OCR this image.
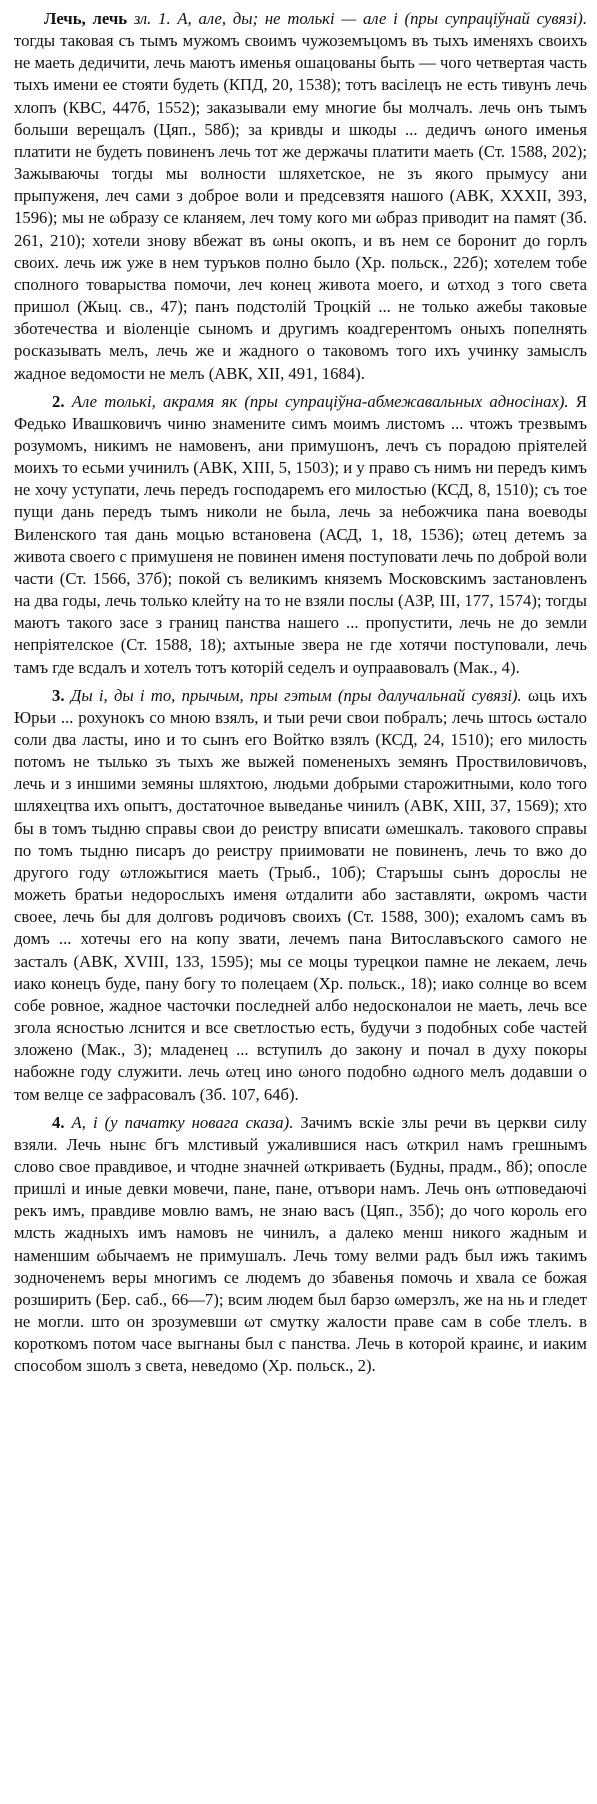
Лечь, лечь зл. 1. А, але, ды; не толькі — але і (пры супраціўнай сувязі). тогды таковая съ тымъ мужомъ своимъ чужоземъцомъ въ тыхъ именяхъ своихъ не маеть дедичити, лечь маютъ именья ошацованы быть — чого четвертая часть тыхъ имени ее стояти будеть (КПД, 20, 1538); тотъ васілецъ не есть тивунъ лечь хлопъ (КВС, 447б, 1552); заказывали ему многие бы молчалъ. лечь онъ тымъ больши верещалъ (Цяп., 58б); за кривды и шкоды ... дедичъ ωного именья платити не будеть повиненъ лечь тот же держачы платити маеть (Ст. 1588, 202); Зажываючы тогды мы волности шляхетское, не зъ якого прымусу ани прыпуженя, леч сами з доброе воли и предсевзятя нашого (АВК, XXXII, 393, 1596); мы не ωбразу се кланяем, леч тому кого ми ωбраз приводит на памят (Зб. 261, 210); хотели знову вбежат въ ωны окопъ, и въ нем се боронит до горлъ своих. лечь иж уже в нем туръков полно было (Хр. польск., 22б); хотелем тобе сполного товарыства помочи, леч конец живота моего, и ωтход з того света пришол (Жыц. св., 47); панъ подстолій Троцкій ... не только ажебы таковые зботечества и віоленціе сыномъ и другимъ коадгерентомъ оныхъ попелнять росказывать мелъ, лечь же и жадного о таковомъ того ихъ учинку замыслъ жадное ведомости не мелъ (АВК, XII, 491, 1684).

2. Але толькі, акрамя як (пры супраціўна-абмежавальных адносінах). Я Федько Ивашковичъ чиню знамените симъ моимъ листомъ ... чтожъ трезвымъ розумомъ, никимъ не намовенъ, ани примушонъ, лечъ съ порадою пріятелей моихъ то есьми учинилъ (АВК, XIII, 5, 1503); и у право съ нимъ ни передъ кимъ не хочу уступати, лечь передъ господаремъ его милостью (КСД, 8, 1510); съ тое пущи дань передъ тымъ николи не была, лечь за небожчика пана воеводы Виленского тая дань моцью встановена (АСД, 1, 18, 1536); ωтец детемъ за живота своего с примушеня не повинен именя поступовати лечь по доброй воли части (Ст. 1566, 37б); покой съ великимъ княземъ Московскимъ застановленъ на два годы, лечь только клейту на то не взяли послы (АЗР, III, 177, 1574); тогды маютъ такого засе з границ панства нашего ... пропустити, лечь не до земли непріятелское (Ст. 1588, 18); ахтыные звера не где хотячи поступовали, лечь тамъ где вcдалъ и хотелъ тотъ которій седелъ и оупраавовалъ (Мак., 4).

3. Ды і, ды і то, прычым, пры гэтым (пры далучальнай сувязі). ωць ихъ Юрьи ... рохунокъ со мною взялъ, и тыи речи свои побралъ; лечь штось ωстало соли два ласты, ино и то сынъ его Войтко взялъ (КСД, 24, 1510); его милость потомъ не тылько зъ тыхъ же выжей помененыхъ земянъ Проствиловичовъ, лечь и з иншими земяны шляхтою, людьми добрыми старожитными, коло того шляхецтва ихъ опытъ, достаточное выведанье чинилъ (АВК, XIII, 37, 1569); хто бы в томъ тыдню справы свои до реистру вписати ωмешкалъ. такового справы по томъ тыдню писаръ до реистру приимовати не повиненъ, лечь то вжо до другого году ωтложытися маеть (Трыб., 10б); Старъшы сынъ дорослы не можеть братьи недорослыхъ именя ωтдалити або заставляти, ωкромъ части своее, лечь бы для долговъ родичовъ своихъ (Ст. 1588, 300); ехаломъ самъ въ домъ ... хотечы его на копу звати, лечемъ пана Витославъского самого не засталъ (АВК, XVIII, 133, 1595); мы се моцы турецкои памне не лекаем, лечь иако конецъ буде, пану богу то полецаем (Хр. польск., 18); иако солнце во всем собе ровное, жадное часточки последней албо недосконалои не маеть, лечь все згола ясностью лснится и все светлостью есть, будучи з подобных собе частей зложено (Мак., 3); младенец ... вступилъ до закону и почал в духу покоры набожне году служити. лечь ωтец ино ωного подобно ωдного мелъ додавши о том велце се зафрасовалъ (Зб. 107, 64б).

4. А, і (у пачатку новага сказа). Зачимъ вскіе злы речи въ церкви силу взяли. Лечь нынє бгъ млстивый ужалившися насъ ωткрил намъ грешнымъ слово свое правдивое, и чтодне значней ωткриваеть (Будны, прадм., 8б); опосле пришлі и иные девки мовечи, пане, пане, отъвори намъ. Лечь онъ ωтповедаючі рекъ имъ, правдиве мовлю вамъ, не знаю васъ (Цяп., 35б); до чого король его млсть жадныхъ имъ намовъ не чинилъ, а далеко менш никого жадным и наменшим ωбычаемъ не примушалъ. Лечь тому велми радъ был ижъ такимъ зодноченемъ веры многимъ се людемъ до збавенья помочь и хвала се божая розширить (Бер. саб., 66—7); всим людем был барзо ωмерзлъ, же на нь и гледет не могли. што он зрозумевши ωт смутку жалости праве сам в собе тлелъ. в короткомъ потом часе выгнаны был с панства. Лечь в которой краинє, и иаким способом зшолъ з света, неведомо (Хр. польск., 2).
